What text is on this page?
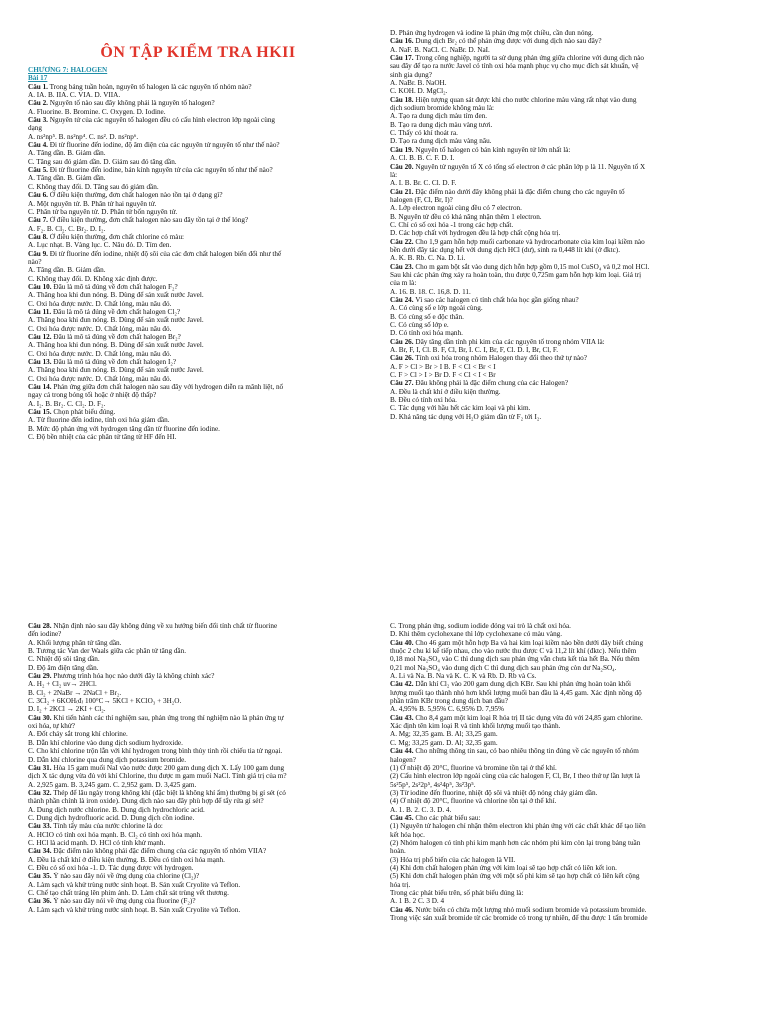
ÔN TẬP KIỂM TRA HKII

CHƯƠNG 7: HALOGEN

Bài 17

Câu 1. Trong bảng tuần hoàn, nguyên tố halogen là các nguyên tố nhóm nào?

A. IA. B. IIA. C. VIA. D. VIIA.

Câu 2. Nguyên tố nào sau đây không phải là nguyên tố halogen?

A. Fluorine. B. Bromine. C. Oxygen. D. Iodine.

Câu 3. Nguyên tử của các nguyên tố halogen đều có cấu hình electron lớp ngoài cùng

dạng

A. ns²np⁵. B. ns²np⁴. C. ns². D. ns²np⁶.

Câu 4. Đi từ fluorine đến iodine, độ âm điện của các nguyên tử nguyên tố như thế nào?

A. Tăng dần. B. Giảm dần.

C. Tăng sau đó giảm dần. D. Giảm sau đó tăng dần.

Câu 5. Đi từ fluorine đến iodine, bán kính nguyên tử của các nguyên tố như thế nào?

A. Tăng dần. B. Giảm dần.

C. Không thay đổi. D. Tăng sau đó giảm dần.

Câu 6. Ở điều kiện thường, đơn chất halogen nào tồn tại ở dạng gì?

A. Một nguyên tử. B. Phân tử hai nguyên tử.

C. Phân tử ba nguyên tử. D. Phân tử bốn nguyên tử.

Câu 7. Ở điều kiện thường, đơn chất halogen nào sau đây tồn tại ở thể lỏng?

A. F₂. B. Cl₂. C. Br₂. D. I₂.

Câu 8. Ở điều kiện thường, đơn chất chlorine có màu:

A. Lục nhạt. B. Vàng lục. C. Nâu đỏ. D. Tím đen.

Câu 9. Đi từ fluorine đến iodine, nhiệt độ sôi của các đơn chất halogen biến đổi như thế

nào?

A. Tăng dần. B. Giảm dần.

C. Không thay đổi. D. Không xác định được.

Câu 10. Đâu là mô tả đúng về đơn chất halogen F₂?

A. Thăng hoa khi đun nóng. B. Dùng để sản xuất nước Javel.

C. Oxi hóa được nước. D. Chất lỏng, màu nâu đỏ.

Câu 11. Đâu là mô tả đúng về đơn chất halogen Cl₂?

A. Thăng hoa khi đun nóng. B. Dùng để sản xuất nước Javel.

C. Oxi hóa được nước. D. Chất lỏng, màu nâu đỏ.

Câu 12. Đâu là mô tả đúng về đơn chất halogen Br₂?

A. Thăng hoa khi đun nóng. B. Dùng để sản xuất nước Javel.

C. Oxi hóa được nước. D. Chất lỏng, màu nâu đỏ.

Câu 13. Đâu là mô tả đúng về đơn chất halogen I₂?

A. Thăng hoa khi đun nóng. B. Dùng để sản xuất nước Javel.

C. Oxi hóa được nước. D. Chất lỏng, màu nâu đỏ.

Câu 14. Phản ứng giữa đơn chất halogen nào sau đây với hydrogen diễn ra mãnh liệt, nổ

ngay cả trong bóng tối hoặc ở nhiệt độ thấp?

A. I₂. B. Br₂. C. Cl₂. D. F₂.

Câu 15. Chọn phát biểu đúng.

A. Từ fluorine đến iodine, tính oxi hóa giảm dần.

B. Mức độ phản ứng với hydrogen tăng dần từ fluorine đến iodine.

C. Độ bền nhiệt của các phân tử tăng từ HF đến HI.

D. Phản ứng hydrogen và iodine là phản ứng một chiều, cần đun nóng.

Câu 16. Dung dịch Br₂ có thể phản ứng được với dung dịch nào sau đây?

A. NaF. B. NaCl. C. NaBr. D. NaI.

Câu 17. Trong công nghiệp, người ta sử dụng phản ứng giữa chlorine với dung dịch nào

sau đây để tạo ra nước Javel có tính oxi hóa mạnh phục vụ cho mục đích sát khuẩn, vệ

sinh gia dụng?

A. NaBr. B. NaOH.

C. KOH. D. MgCl₂.

Câu 18. Hiện tượng quan sát được khi cho nước chlorine màu vàng rất nhạt vào dung

dịch sodium bromide không màu là:

A. Tạo ra dung dịch màu tím đen.

B. Tạo ra dung dịch màu vàng tươi.

C. Thấy có khí thoát ra.

D. Tạo ra dung dịch màu vàng nâu.

Câu 19. Nguyên tố halogen có bán kính nguyên tử lớn nhất là:

A. Cl. B. B. C. F. D. I.

Câu 20. Nguyên tử nguyên tố X có tổng số electron ở các phân lớp p là 11. Nguyên tố X

là:

A. I. B. Br. C. Cl. D. F.

Câu 21. Đặc điểm nào dưới đây không phải là đặc điểm chung cho các nguyên tố

halogen (F, Cl, Br, I)?

A. Lớp electron ngoài cùng đều có 7 electron.

B. Nguyên tử đều có khả năng nhận thêm 1 electron.

C. Chỉ có số oxi hóa -1 trong các hợp chất.

D. Các hợp chất với hydrogen đều là hợp chất cộng hóa trị.

Câu 22. Cho 1,9 gam hỗn hợp muối carbonate và hydrocarbonate của kim loại kiềm nào

bền dưới đây tác dụng hết với dung dịch HCl (dư), sinh ra 0,448 lít khí (ở đktc).

A. K. B. Rb. C. Na. D. Li.

Câu 23. Cho m gam bột sắt vào dung dịch hỗn hợp gồm 0,15 mol CuSO₄ và 0,2 mol HCl.

Sau khi các phản ứng xảy ra hoàn toàn, thu được 0,725m gam hỗn hợp kim loại. Giá trị

của m là:

A. 16. B. 18. C. 16,8. D. 11.

Câu 24. Vì sao các halogen có tính chất hóa học gần giống nhau?

A. Có cùng số e lớp ngoài cùng.

B. Có cùng số e độc thân.

C. Có cùng số lớp e.

D. Có tính oxi hóa mạnh.

Câu 26. Dãy tăng dần tính phi kim của các nguyên tố trong nhóm VIIA là:

A. Br, F, I, Cl. B. F, Cl, Br, I. C. I, Br, F, Cl. D. I, Br, Cl, F.

Câu 26. Tính oxi hóa trong nhóm Halogen thay đổi theo thứ tự nào?

A. F > Cl > Br > I B. F < Cl < Br < I

C. F > Cl > I > Br D. F < Cl < I < Br

Câu 27. Đâu không phải là đặc điểm chung của các Halogen?

A. Đều là chất khí ở điều kiện thường.

B. Đều có tính oxi hóa.

C. Tác dụng với hầu hết các kim loại và phi kim.

D. Khả năng tác dụng với H₂O giảm dần từ F₂ tới I₂.

Câu 28. Nhận định nào sau đây không đúng về xu hướng biến đổi tính chất từ fluorine

đến iodine?

A. Khối lượng phân tử tăng dần.

B. Tương tác Van der Waals giữa các phân tử tăng dần.

C. Nhiệt độ sôi tăng dần.

D. Độ âm điện tăng dần.

Câu 29. Phương trình hóa học nào dưới đây là không chính xác?

A. H₂ + Cl₂ uv→ 2HCl.

B. Cl₂ + 2NaBr → 2NaCl + Br₂.

C. 3Cl₂ + 6KOH₍đ₎ 100°C→ 5KCl + KClO₃ + 3H₂O.

D. I₂ + 2KCl → 2KI + Cl₂.

Câu 30. Khi tiến hành các thí nghiệm sau, phản ứng trong thí nghiệm nào là phản ứng tự

oxi hóa, tự khử?

A. Đốt cháy sắt trong khí chlorine.

B. Dẫn khí chlorine vào dung dịch sodium hydroxide.

C. Cho khí chlorine trộn lẫn với khí hydrogen trong bình thủy tinh rồi chiếu tia tử ngoại.

D. Dẫn khí chlorine qua dung dịch potassium bromide.

Câu 31. Hòa 15 gam muối NaI vào nước được 200 gam dung dịch X. Lấy 100 gam dung

dịch X tác dụng vừa đủ với khí Chlorine, thu được m gam muối NaCl. Tính giá trị của m?

A. 2,925 gam. B. 3,245 gam. C. 2,952 gam. D. 3,425 gam.

Câu 32. Thép để lâu ngày trong không khí (đặc biệt là không khí ẩm) thường bị gỉ sét (có

thành phần chính là iron oxide). Dung dịch nào sau đây phù hợp để tẩy rửa gỉ sét?

A. Dung dịch nước chlorine. B. Dung dịch hydrochloric acid.

C. Dung dịch hydrofluoric acid. D. Dung dịch cồn iodine.

Câu 33. Tính tẩy màu của nước chlorine là do:

A. HClO có tính oxi hóa mạnh. B. Cl₂ có tính oxi hóa mạnh.

C. HCl là acid mạnh. D. HCl có tính khử mạnh.

Câu 34. Đặc điểm nào không phải đặc điểm chung của các nguyên tố nhóm VIIA?

A. Đều là chất khí ở điều kiện thường. B. Đều có tính oxi hóa mạnh.

C. Đều có số oxi hóa -1. D. Tác dụng được với hydrogen.

Câu 35. Ý nào sau đây nói về ứng dụng của chlorine (Cl₂)?

A. Làm sạch và khử trùng nước sinh hoạt. B. Sản xuất Cryolite và Teflon.

C. Chế tạo chất tráng lên phim ảnh. D. Làm chất sát trùng vết thương.

Câu 36. Ý nào sau đây nói về ứng dụng của fluorine (F₂)?

A. Làm sạch và khử trùng nước sinh hoạt. B. Sản xuất Cryolite và Teflon.

C. Trong phản ứng, sodium iodide đóng vai trò là chất oxi hóa.

D. Khi thêm cyclohexane thì lớp cyclohexane có màu vàng.

Câu 40. Cho 46 gam một hỗn hợp Ba và hai kim loại kiềm nào bền dưới đây biết chúng

thuộc 2 chu kì kế tiếp nhau, cho vào nước thu được C và 11,2 lít khí (đktc). Nếu thêm

0,18 mol Na₂SO₄ vào C thì dung dịch sau phản ứng vẫn chưa kết tủa hết Ba. Nếu thêm

0,21 mol Na₂SO₄ vào dung dịch C thì dung dịch sau phản ứng còn dư Na₂SO₄.

A. Li và Na. B. Na và K. C. K và Rb. D. Rb và Cs.

Câu 42. Dẫn khí Cl₂ vào 200 gam dung dịch KBr. Sau khi phản ứng hoàn toàn khối

lượng muối tạo thành nhỏ hơn khối lượng muối ban đầu là 4,45 gam. Xác định nồng độ

phần trăm KBr trong dung dịch ban đầu?

A. 4,95% B. 5,95% C. 6,95% D. 7,95%

Câu 43. Cho 8,4 gam một kim loại R hóa trị II tác dụng vừa đủ với 24,85 gam chlorine.

Xác định tên kim loại R và tính khối lượng muối tạo thành.

A. Mg; 32,35 gam. B. Al; 33,25 gam.

C. Mg; 33,25 gam. D. Al; 32,35 gam.

Câu 44. Cho những thông tin sau, có bao nhiêu thông tin đúng về các nguyên tố nhóm

halogen?

(1) Ở nhiệt độ 20°C, fluorine và bromine tồn tại ở thể khí.

(2) Cấu hình electron lớp ngoài cùng của các halogen F, Cl, Br, I theo thứ tự lần lượt là

5s²5p⁵, 2s²2p⁵, 4s²4p⁵, 3s²3p⁵.

(3) Từ iodine đến fluorine, nhiệt độ sôi và nhiệt độ nóng chảy giảm dần.

(4) Ở nhiệt độ 20°C, fluorine và chlorine tồn tại ở thể khí.

A. 1. B. 2. C. 3. D. 4.

Câu 45. Cho các phát biểu sau:

(1) Nguyên tử halogen chỉ nhận thêm electron khi phản ứng với các chất khác để tạo liên

kết hóa học.

(2) Nhóm halogen có tính phi kim mạnh hơn các nhóm phi kim còn lại trong bảng tuần

hoàn.

(3) Hóa trị phổ biến của các halogen là VII.

(4) Khi đơn chất halogen phản ứng với kim loại sẽ tạo hợp chất có liên kết ion.

(5) Khi đơn chất halogen phản ứng với một số phi kim sẽ tạo hợp chất có liên kết cộng

hóa trị.

Trong các phát biểu trên, số phát biểu đúng là:

A. 1 B. 2 C. 3 D. 4

Câu 46. Nước biển có chứa một lượng nhỏ muối sodium bromide và potassium bromide.

Trong việc sản xuất bromide từ các bromide có trong tự nhiên, để thu được 1 tấn bromide
